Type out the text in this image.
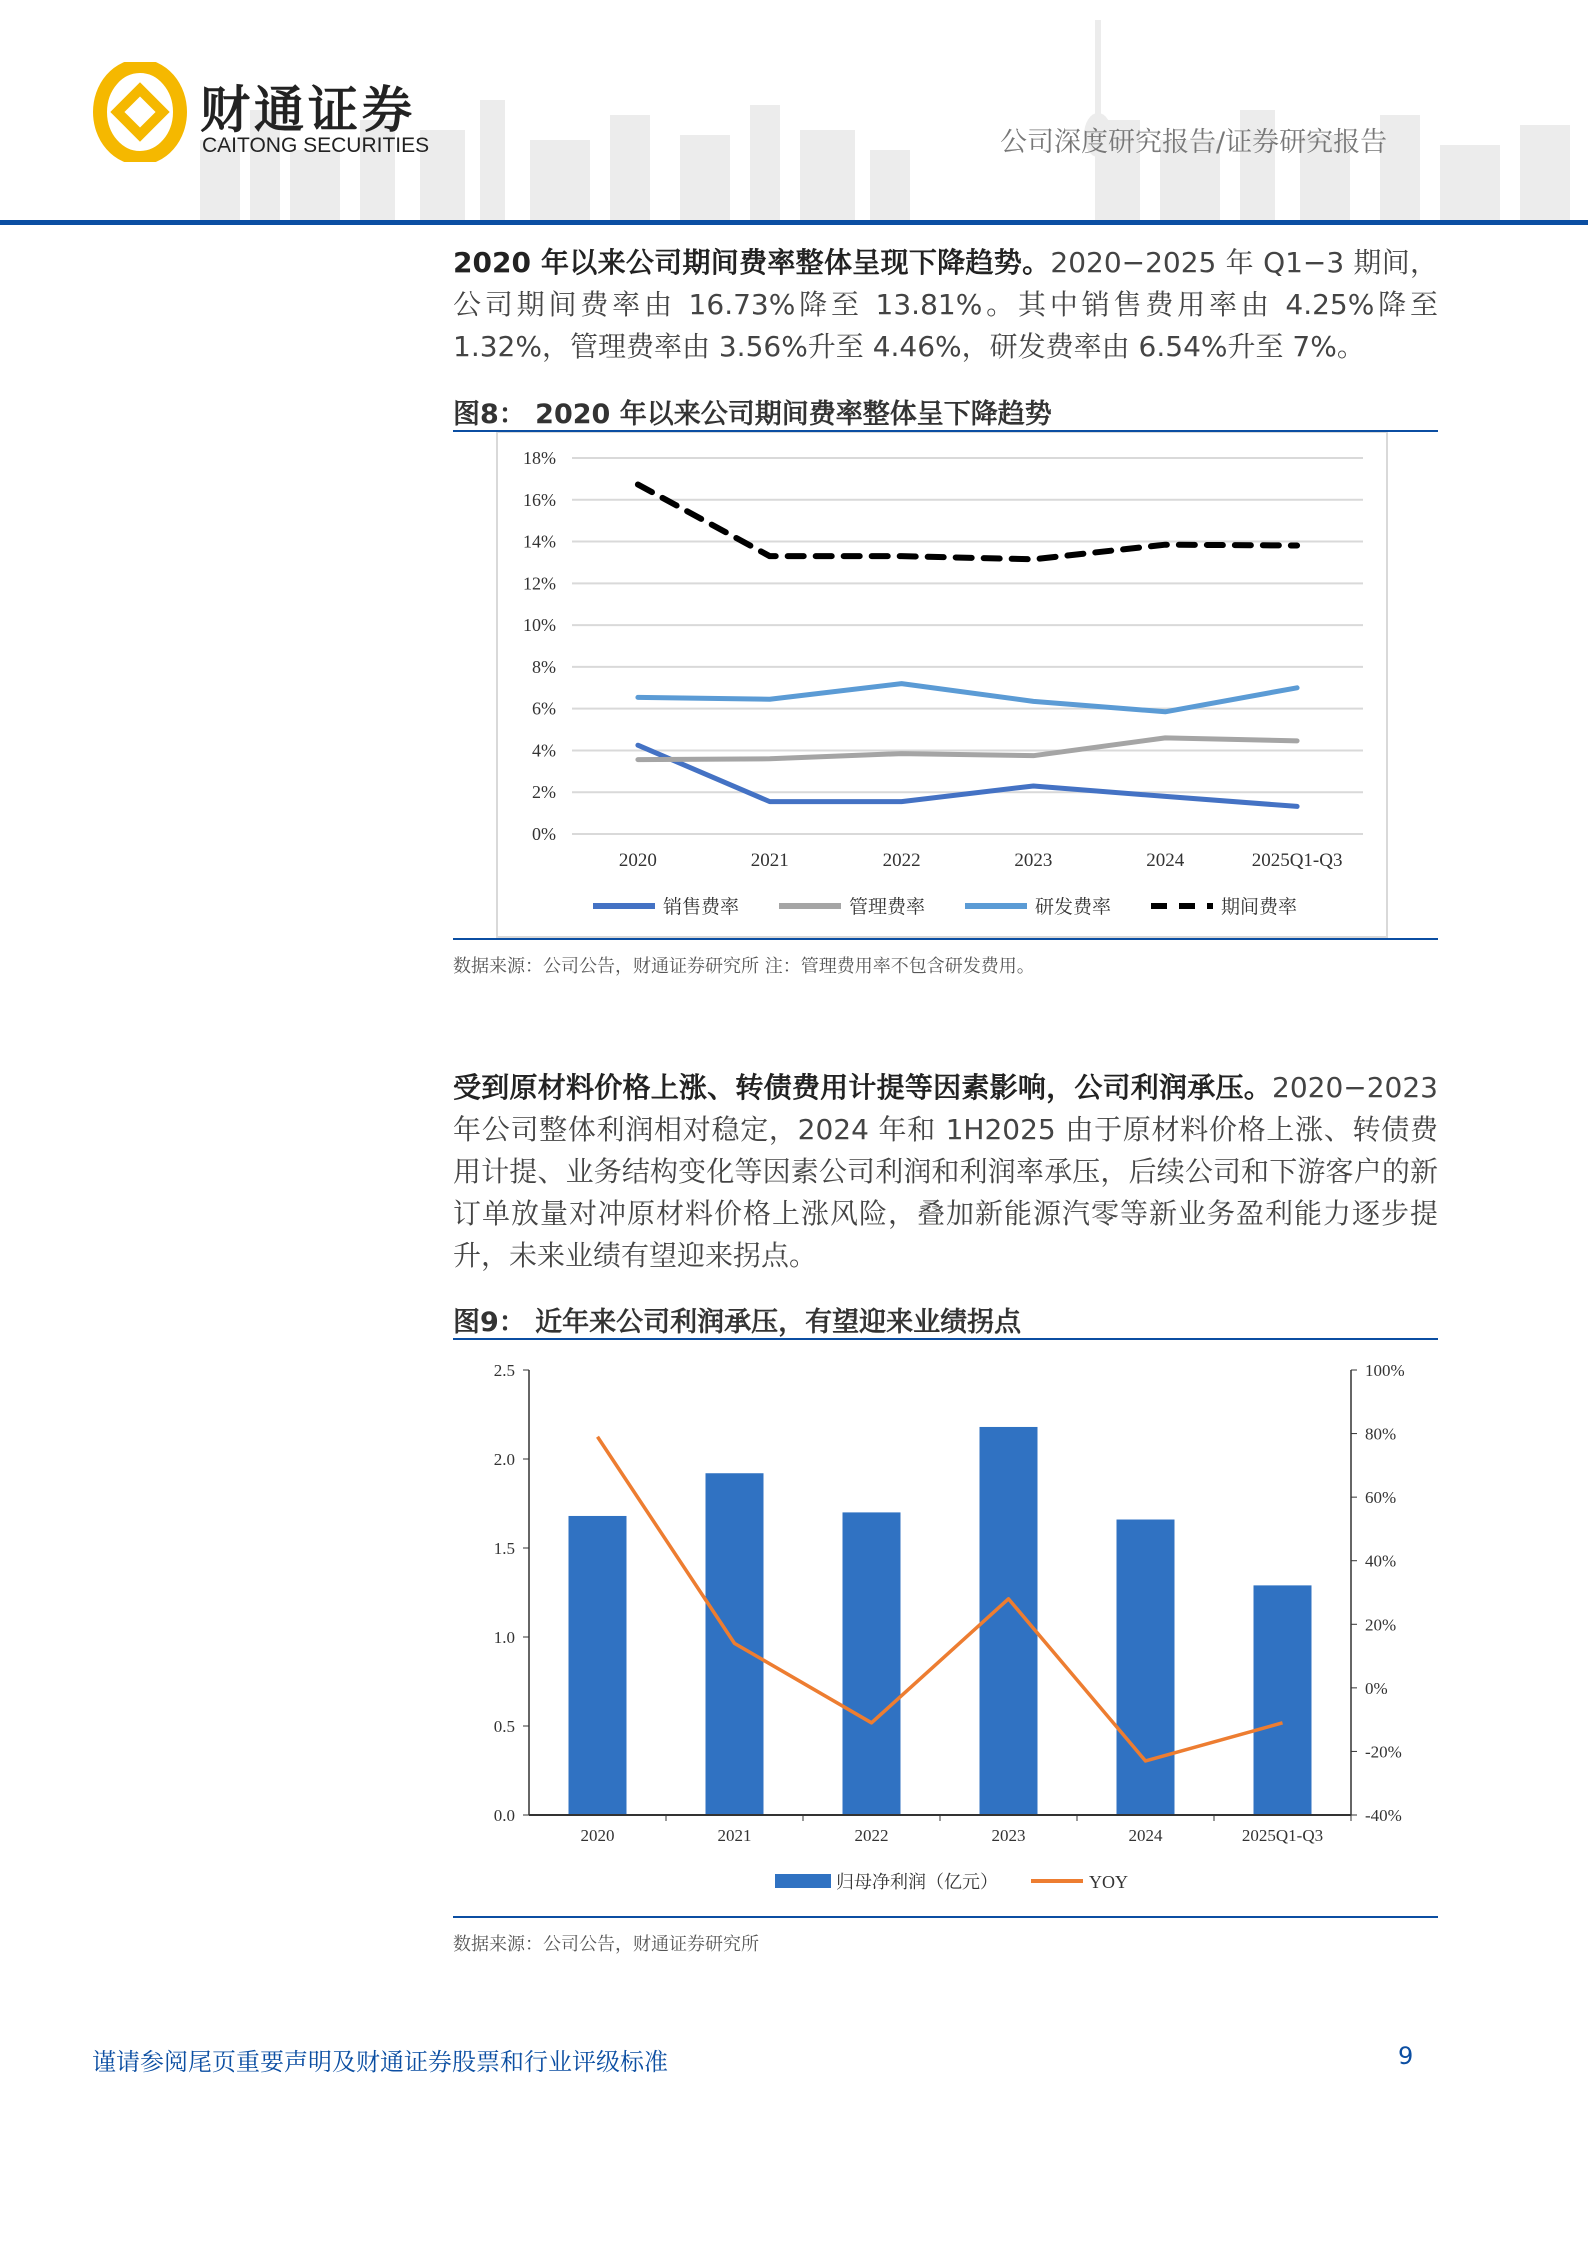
财通证券
CAITONG SECURITIES	公司深度研究报告/证券研究报告
2020 年以来公司期间费率整体呈现下降趋势。2020−2025 年 Q1−3 期间，公司期间费率由 16.73%降至 13.81%。其中销售费用率由 4.25%降至 1.32%，管理费率由 3.56%升至 4.46%，研发费率由 6.54%升至 7%。
图8： 2020 年以来公司期间费率整体呈下降趋势
0%
2%
4%
6%
8%
10%
12%
14%
16%
18%
2020	2021	2022	2023	2024	2025Q1-Q3
销售费率	管理费率	研发费率	期间费率
数据来源：公司公告，财通证券研究所 注：管理费用率不包含研发费用。
受到原材料价格上涨、转债费用计提等因素影响，公司利润承压。2020−2023 年公司整体利润相对稳定，2024 年和 1H2025 由于原材料价格上涨、转债费用计提、业务结构变化等因素公司利润和利润率承压，后续公司和下游客户的新订单放量对冲原材料价格上涨风险，叠加新能源汽零等新业务盈利能力逐步提升，未来业绩有望迎来拐点。
图9： 近年来公司利润承压，有望迎来业绩拐点
0.0
0.5
1.0
1.5
2.0
2.5
-40%
-20%
0%
20%
40%
60%
80%
100%
2020	2021	2022	2023	2024	2025Q1-Q3
归母净利润（亿元）	YOY
数据来源：公司公告，财通证券研究所
谨请参阅尾页重要声明及财通证券股票和行业评级标准	9
